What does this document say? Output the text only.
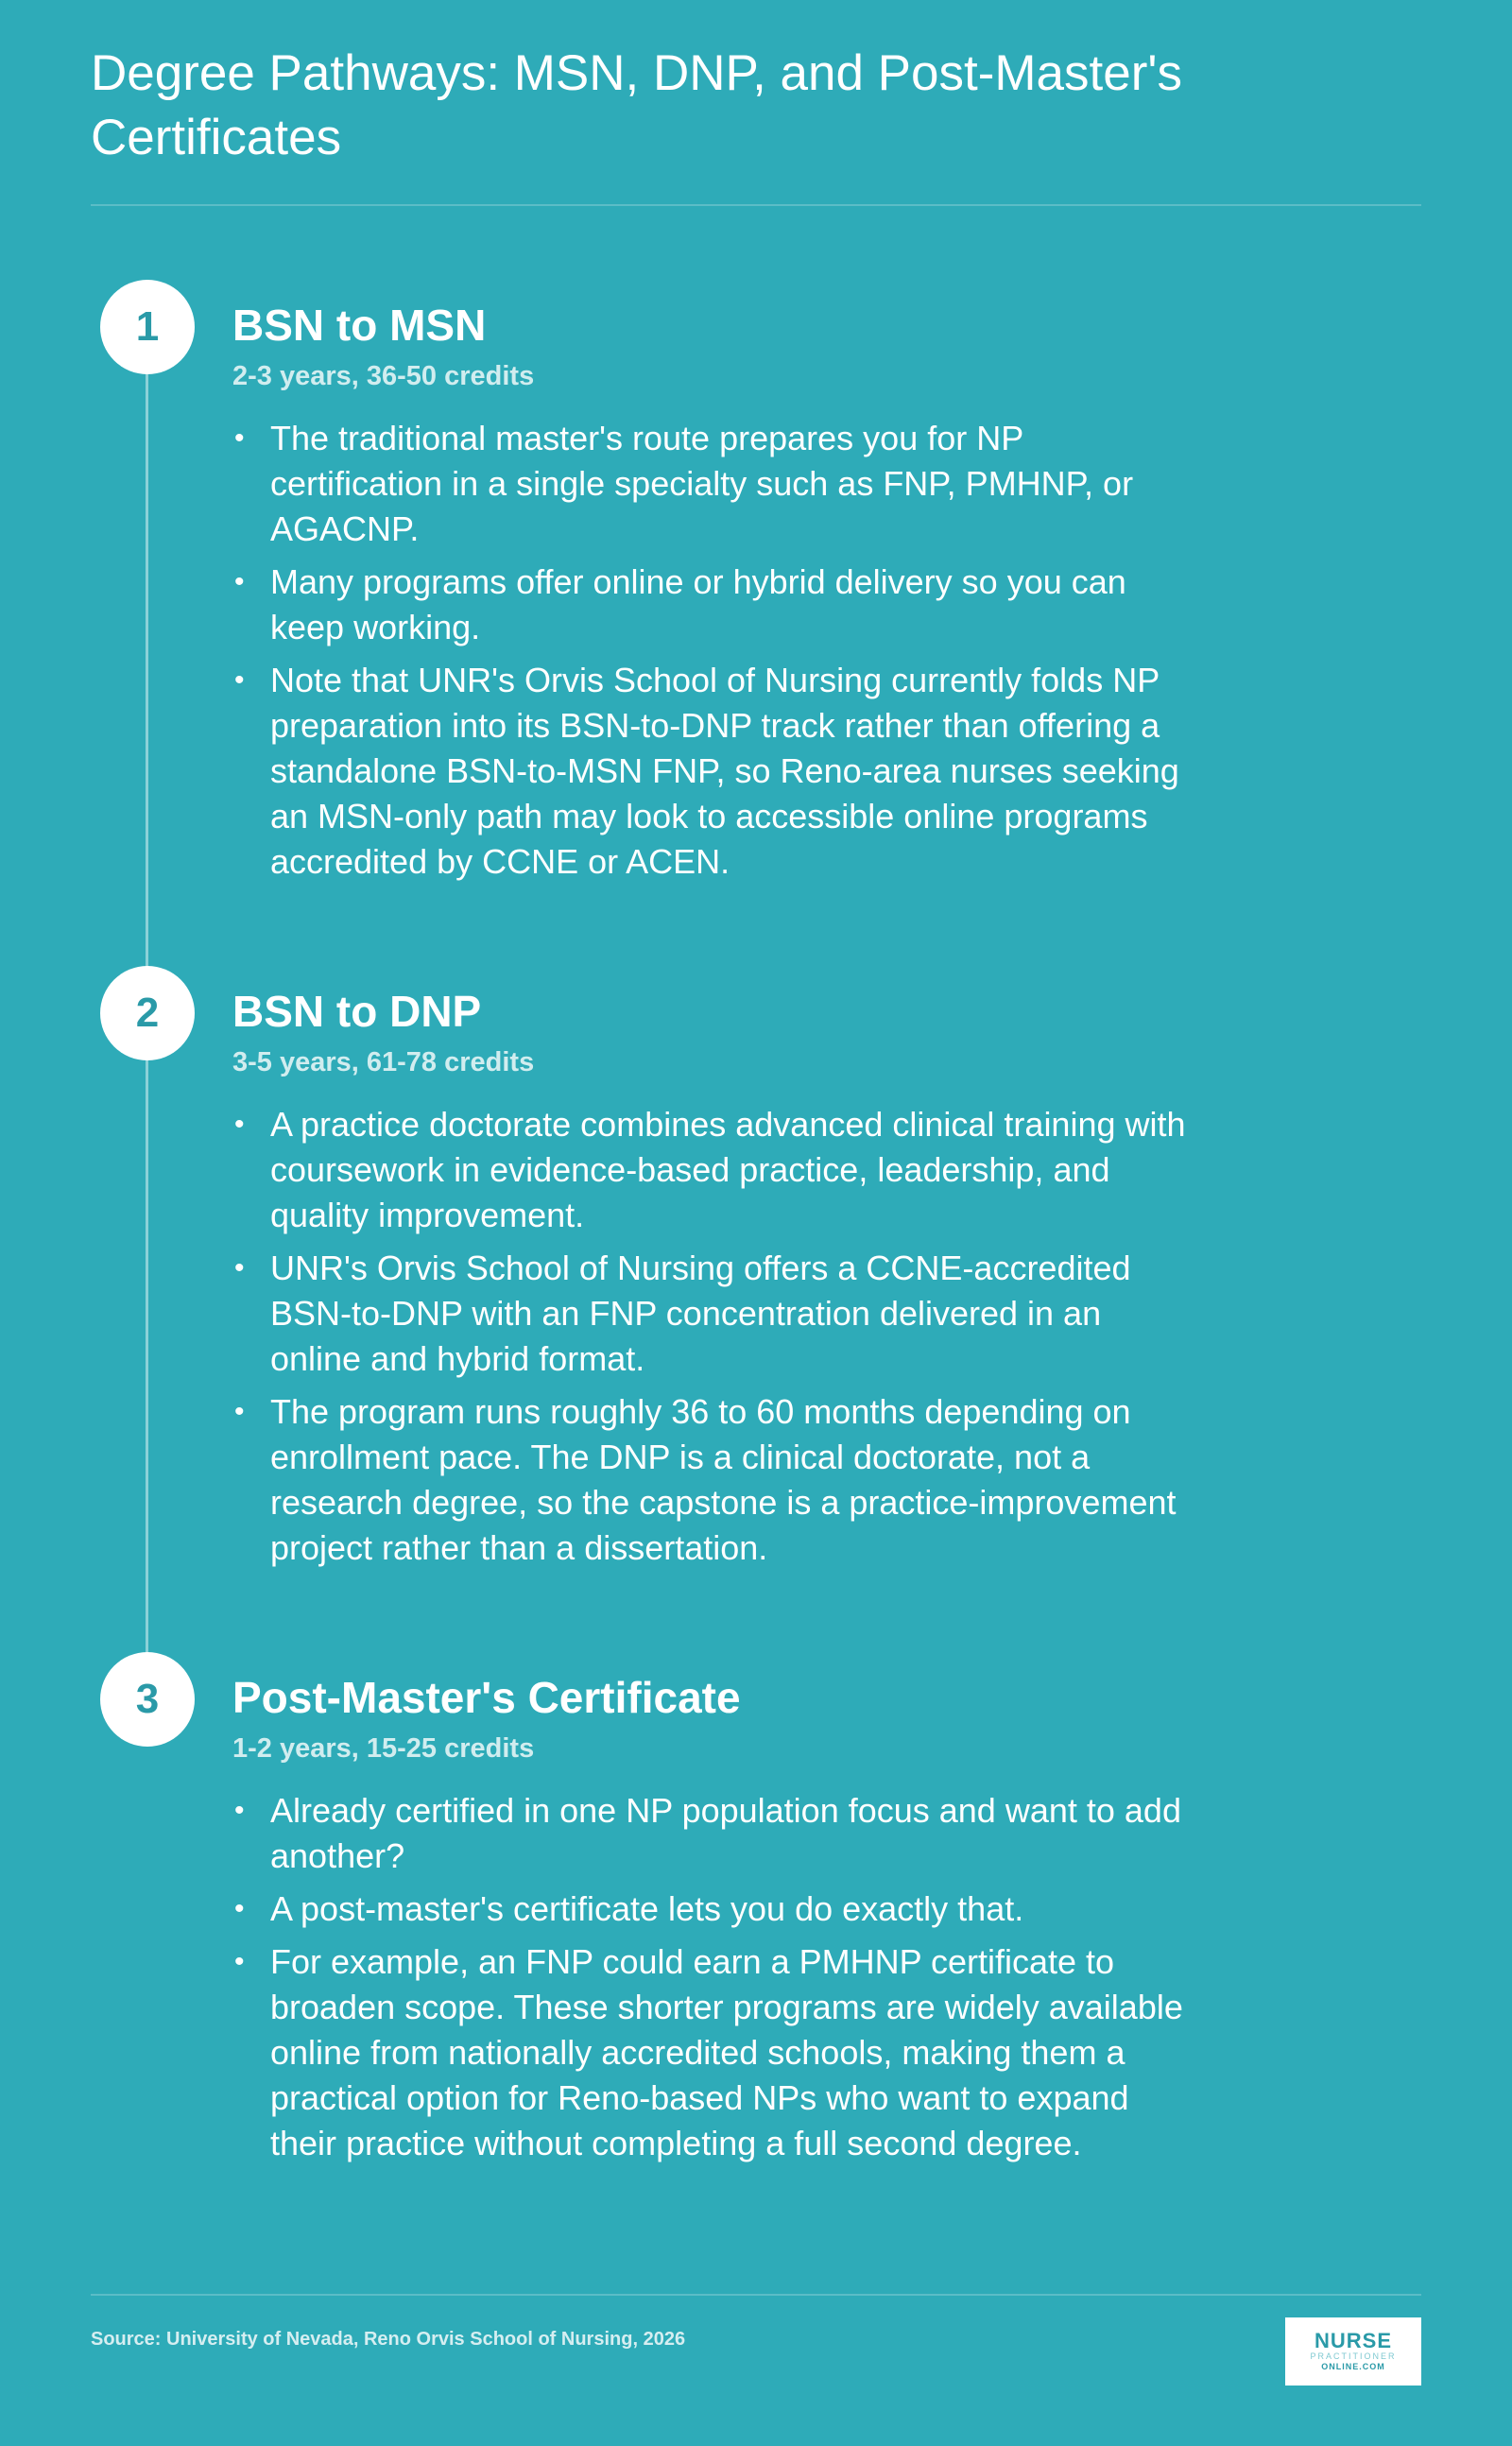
Degree Pathways: MSN, DNP, and Post-Master's Certificates
1	BSN to MSN
2-3 years, 36-50 credits
• The traditional master's route prepares you for NP certification in a single specialty such as FNP, PMHNP, or AGACNP.
• Many programs offer online or hybrid delivery so you can keep working.
• Note that UNR's Orvis School of Nursing currently folds NP preparation into its BSN-to-DNP track rather than offering a standalone BSN-to-MSN FNP, so Reno-area nurses seeking an MSN-only path may look to accessible online programs accredited by CCNE or ACEN.
2	BSN to DNP
3-5 years, 61-78 credits
• A practice doctorate combines advanced clinical training with coursework in evidence-based practice, leadership, and quality improvement.
• UNR's Orvis School of Nursing offers a CCNE-accredited BSN-to-DNP with an FNP concentration delivered in an online and hybrid format.
• The program runs roughly 36 to 60 months depending on enrollment pace. The DNP is a clinical doctorate, not a research degree, so the capstone is a practice-improvement project rather than a dissertation.
3	Post-Master's Certificate
1-2 years, 15-25 credits
• Already certified in one NP population focus and want to add another?
• A post-master's certificate lets you do exactly that.
• For example, an FNP could earn a PMHNP certificate to broaden scope. These shorter programs are widely available online from nationally accredited schools, making them a practical option for Reno-based NPs who want to expand their practice without completing a full second degree.
Source: University of Nevada, Reno Orvis School of Nursing, 2026	NURSE
PRACTITIONER
ONLINE.COM
